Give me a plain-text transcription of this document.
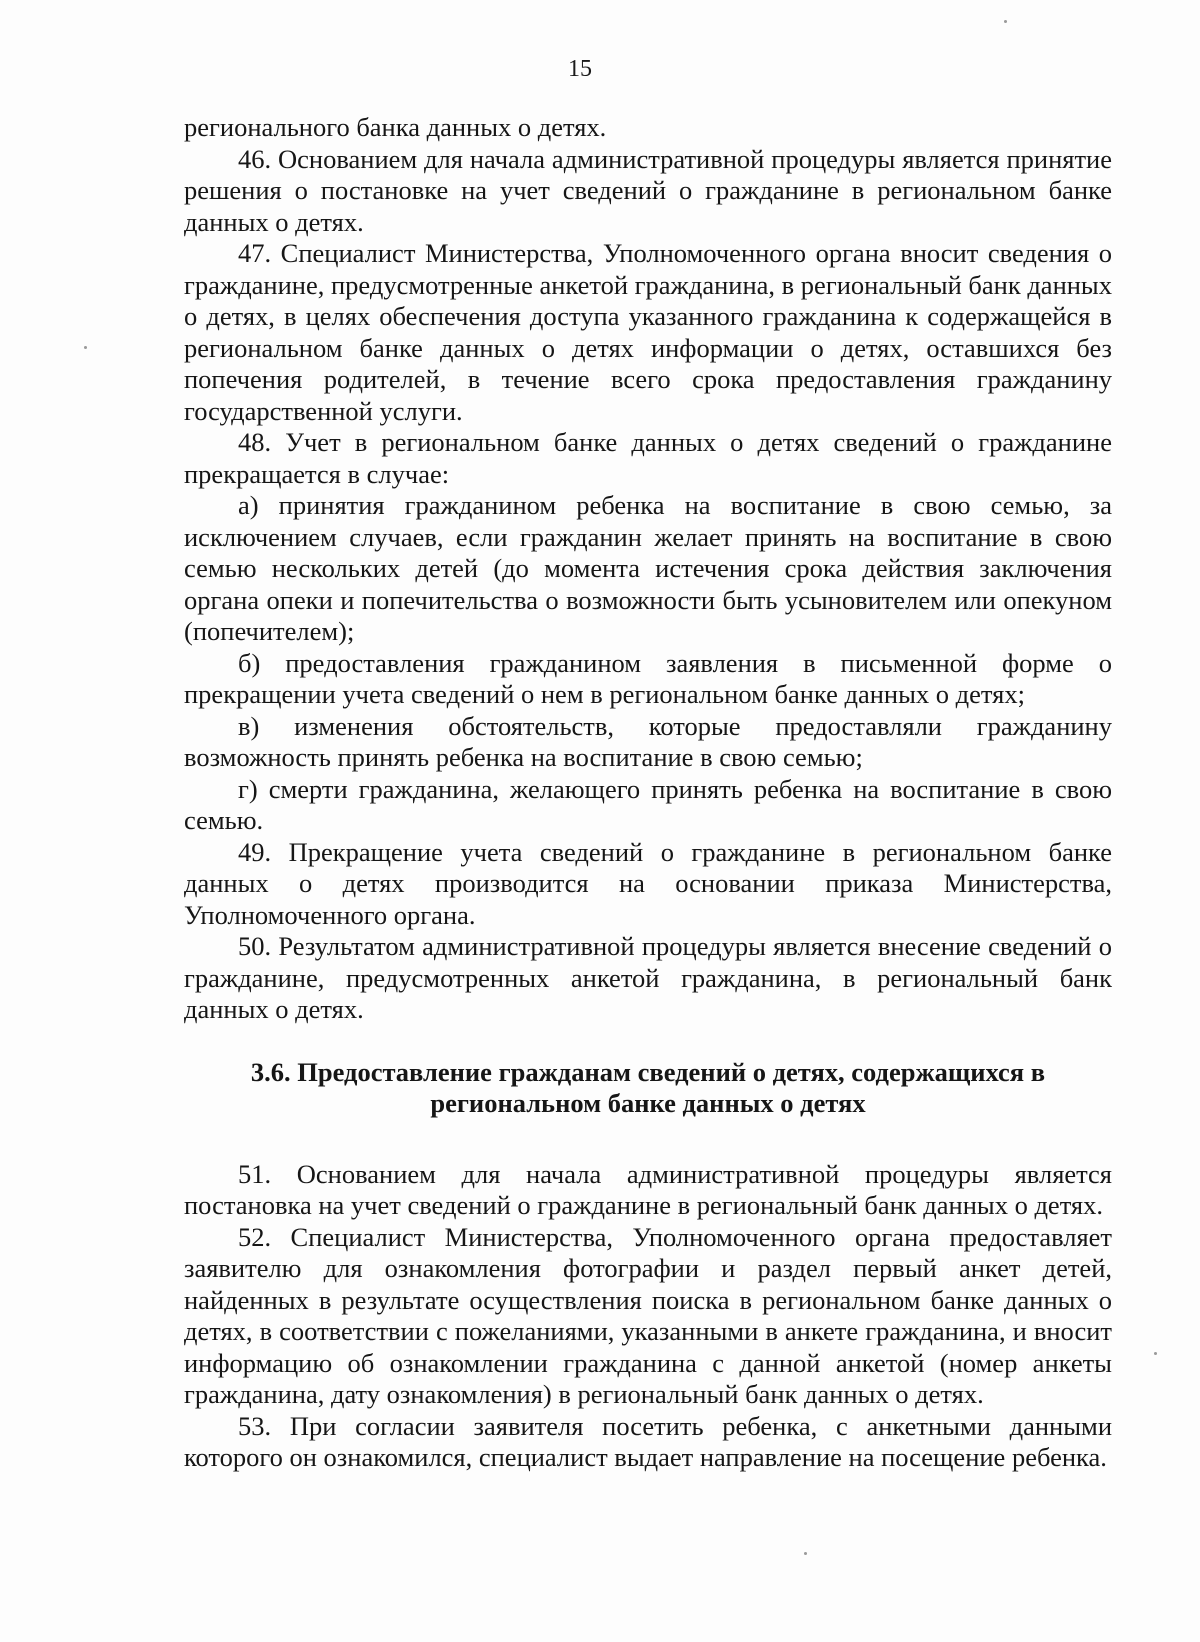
15

регионального банка данных о детях.

46. Основанием для начала административной процедуры является принятие решения о постановке на учет сведений о гражданине в региональном банке данных о детях.

47. Специалист Министерства, Уполномоченного органа вносит сведения о гражданине, предусмотренные анкетой гражданина, в региональный банк данных о детях, в целях обеспечения доступа указанного гражданина к содержащейся в региональном банке данных о детях информации о детях, оставшихся без попечения родителей, в течение всего срока предоставления гражданину государственной услуги.

48. Учет в региональном банке данных о детях сведений о гражданине прекращается в случае:

а) принятия гражданином ребенка на воспитание в свою семью, за исключением случаев, если гражданин желает принять на воспитание в свою семью нескольких детей (до момента истечения срока действия заключения органа опеки и попечительства о возможности быть усыновителем или опекуном (попечителем);

б) предоставления гражданином заявления в письменной форме о прекращении учета сведений о нем в региональном банке данных о детях;

в) изменения обстоятельств, которые предоставляли гражданину возможность принять ребенка на воспитание в свою семью;

г) смерти гражданина, желающего принять ребенка на воспитание в свою семью.

49. Прекращение учета сведений о гражданине в региональном банке данных о детях производится на основании приказа Министерства, Уполномоченного органа.

50. Результатом административной процедуры является внесение сведений о гражданине, предусмотренных анкетой гражданина, в региональный банк данных о детях.

3.6. Предоставление гражданам сведений о детях, содержащихся в
региональном банке данных о детях

51. Основанием для начала административной процедуры является постановка на учет сведений о гражданине в региональный банк данных о детях.

52. Специалист Министерства, Уполномоченного органа предоставляет заявителю для ознакомления фотографии и раздел первый анкет детей, найденных в результате осуществления поиска в региональном банке данных о детях, в соответствии с пожеланиями, указанными в анкете гражданина, и вносит информацию об ознакомлении гражданина с данной анкетой (номер анкеты гражданина, дату ознакомления) в региональный банк данных о детях.

53. При согласии заявителя посетить ребенка, с анкетными данными которого он ознакомился, специалист выдает направление на посещение ребенка.
